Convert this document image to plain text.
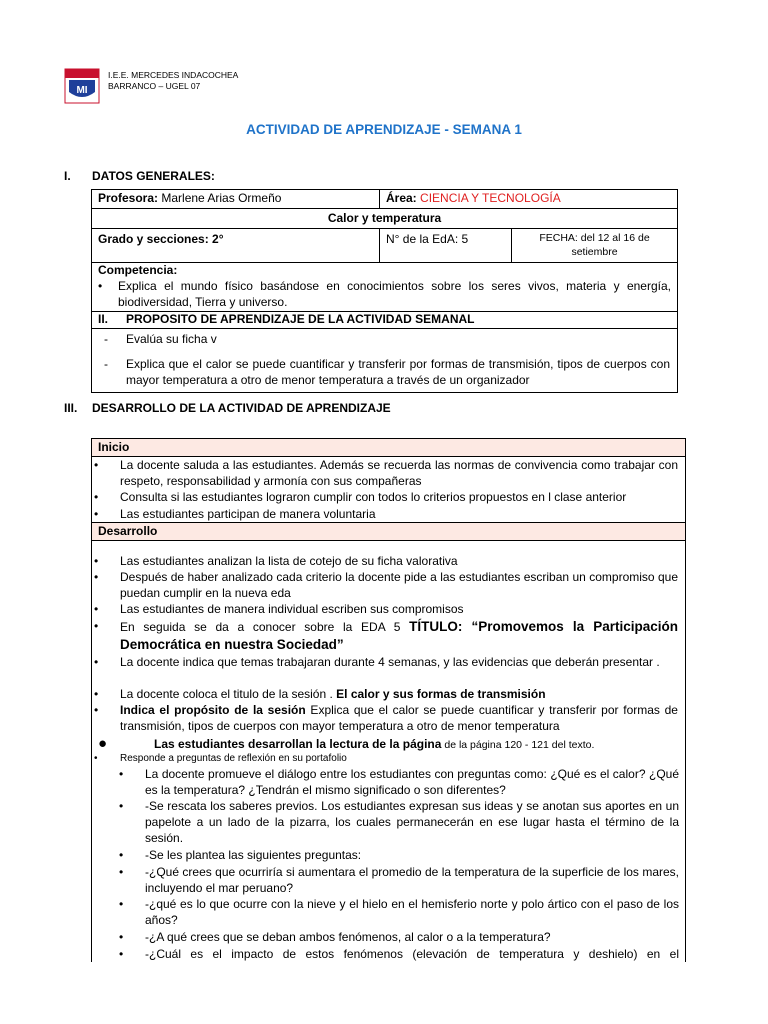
MI
I.E.E. MERCEDES INDACOCHEA
BARRANCO – UGEL 07
ACTIVIDAD DE APRENDIZAJE - SEMANA 1
I. DATOS GENERALES:
Profesora: Marlene Arias Ormeño	Área: CIENCIA Y TECNOLOGÍA
Calor y temperatura
Grado y secciones: 2°	N° de la EdA: 5	FECHA: del 12 al 16 de setiembre
Competencia:
• Explica el mundo físico basándose en conocimientos sobre los seres vivos, materia y energía, biodiversidad, Tierra y universo.
II. PROPOSITO DE APRENDIZAJE DE LA ACTIVIDAD SEMANAL
- Evalúa su ficha v
- Explica que el calor se puede cuantificar y transferir por formas de transmisión, tipos de cuerpos con mayor temperatura a otro de menor temperatura a través de un organizador
III. DESARROLLO DE LA ACTIVIDAD DE APRENDIZAJE
Inicio
• La docente saluda a las estudiantes. Además se recuerda las normas de convivencia como trabajar con respeto, responsabilidad y armonía con sus compañeras
• Consulta si las estudiantes lograron cumplir con todos lo criterios propuestos en l clase anterior
• Las estudiantes participan de manera voluntaria
Desarrollo
• Las estudiantes analizan la lista de cotejo de su ficha valorativa
• Después de haber analizado cada criterio la docente pide a las estudiantes escriban un compromiso que puedan cumplir en la nueva eda
• Las estudiantes de manera individual escriben sus compromisos
• En seguida se da a conocer sobre la EDA 5 TÍTULO: “Promovemos la Participación Democrática en nuestra Sociedad”
• La docente indica que temas trabajaran durante 4 semanas, y las evidencias que deberán presentar .
• La docente coloca el titulo de la sesión . El calor y sus formas de transmisión
• Indica el propósito de la sesión Explica que el calor se puede cuantificar y transferir por formas de transmisión, tipos de cuerpos con mayor temperatura a otro de menor temperatura
●	Las estudiantes desarrollan la lectura de la página de la página 120 - 121 del texto.
• Responde a preguntas de reflexión en su portafolio
• La docente promueve el diálogo entre los estudiantes con preguntas como: ¿Qué es el calor? ¿Qué es la temperatura? ¿Tendrán el mismo significado o son diferentes?
• -Se rescata los saberes previos. Los estudiantes expresan sus ideas y se anotan sus aportes en un papelote a un lado de la pizarra, los cuales permanecerán en ese lugar hasta el término de la sesión.
• -Se les plantea las siguientes preguntas:
• -¿Qué crees que ocurriría si aumentara el promedio de la temperatura de la superficie de los mares, incluyendo el mar peruano?
• -¿qué es lo que ocurre con la nieve y el hielo en el hemisferio norte y polo ártico con el paso de los años?
• -¿A qué crees que se deban ambos fenómenos, al calor o a la temperatura?
• -¿Cuál es el impacto de estos fenómenos (elevación de temperatura y deshielo) en el
